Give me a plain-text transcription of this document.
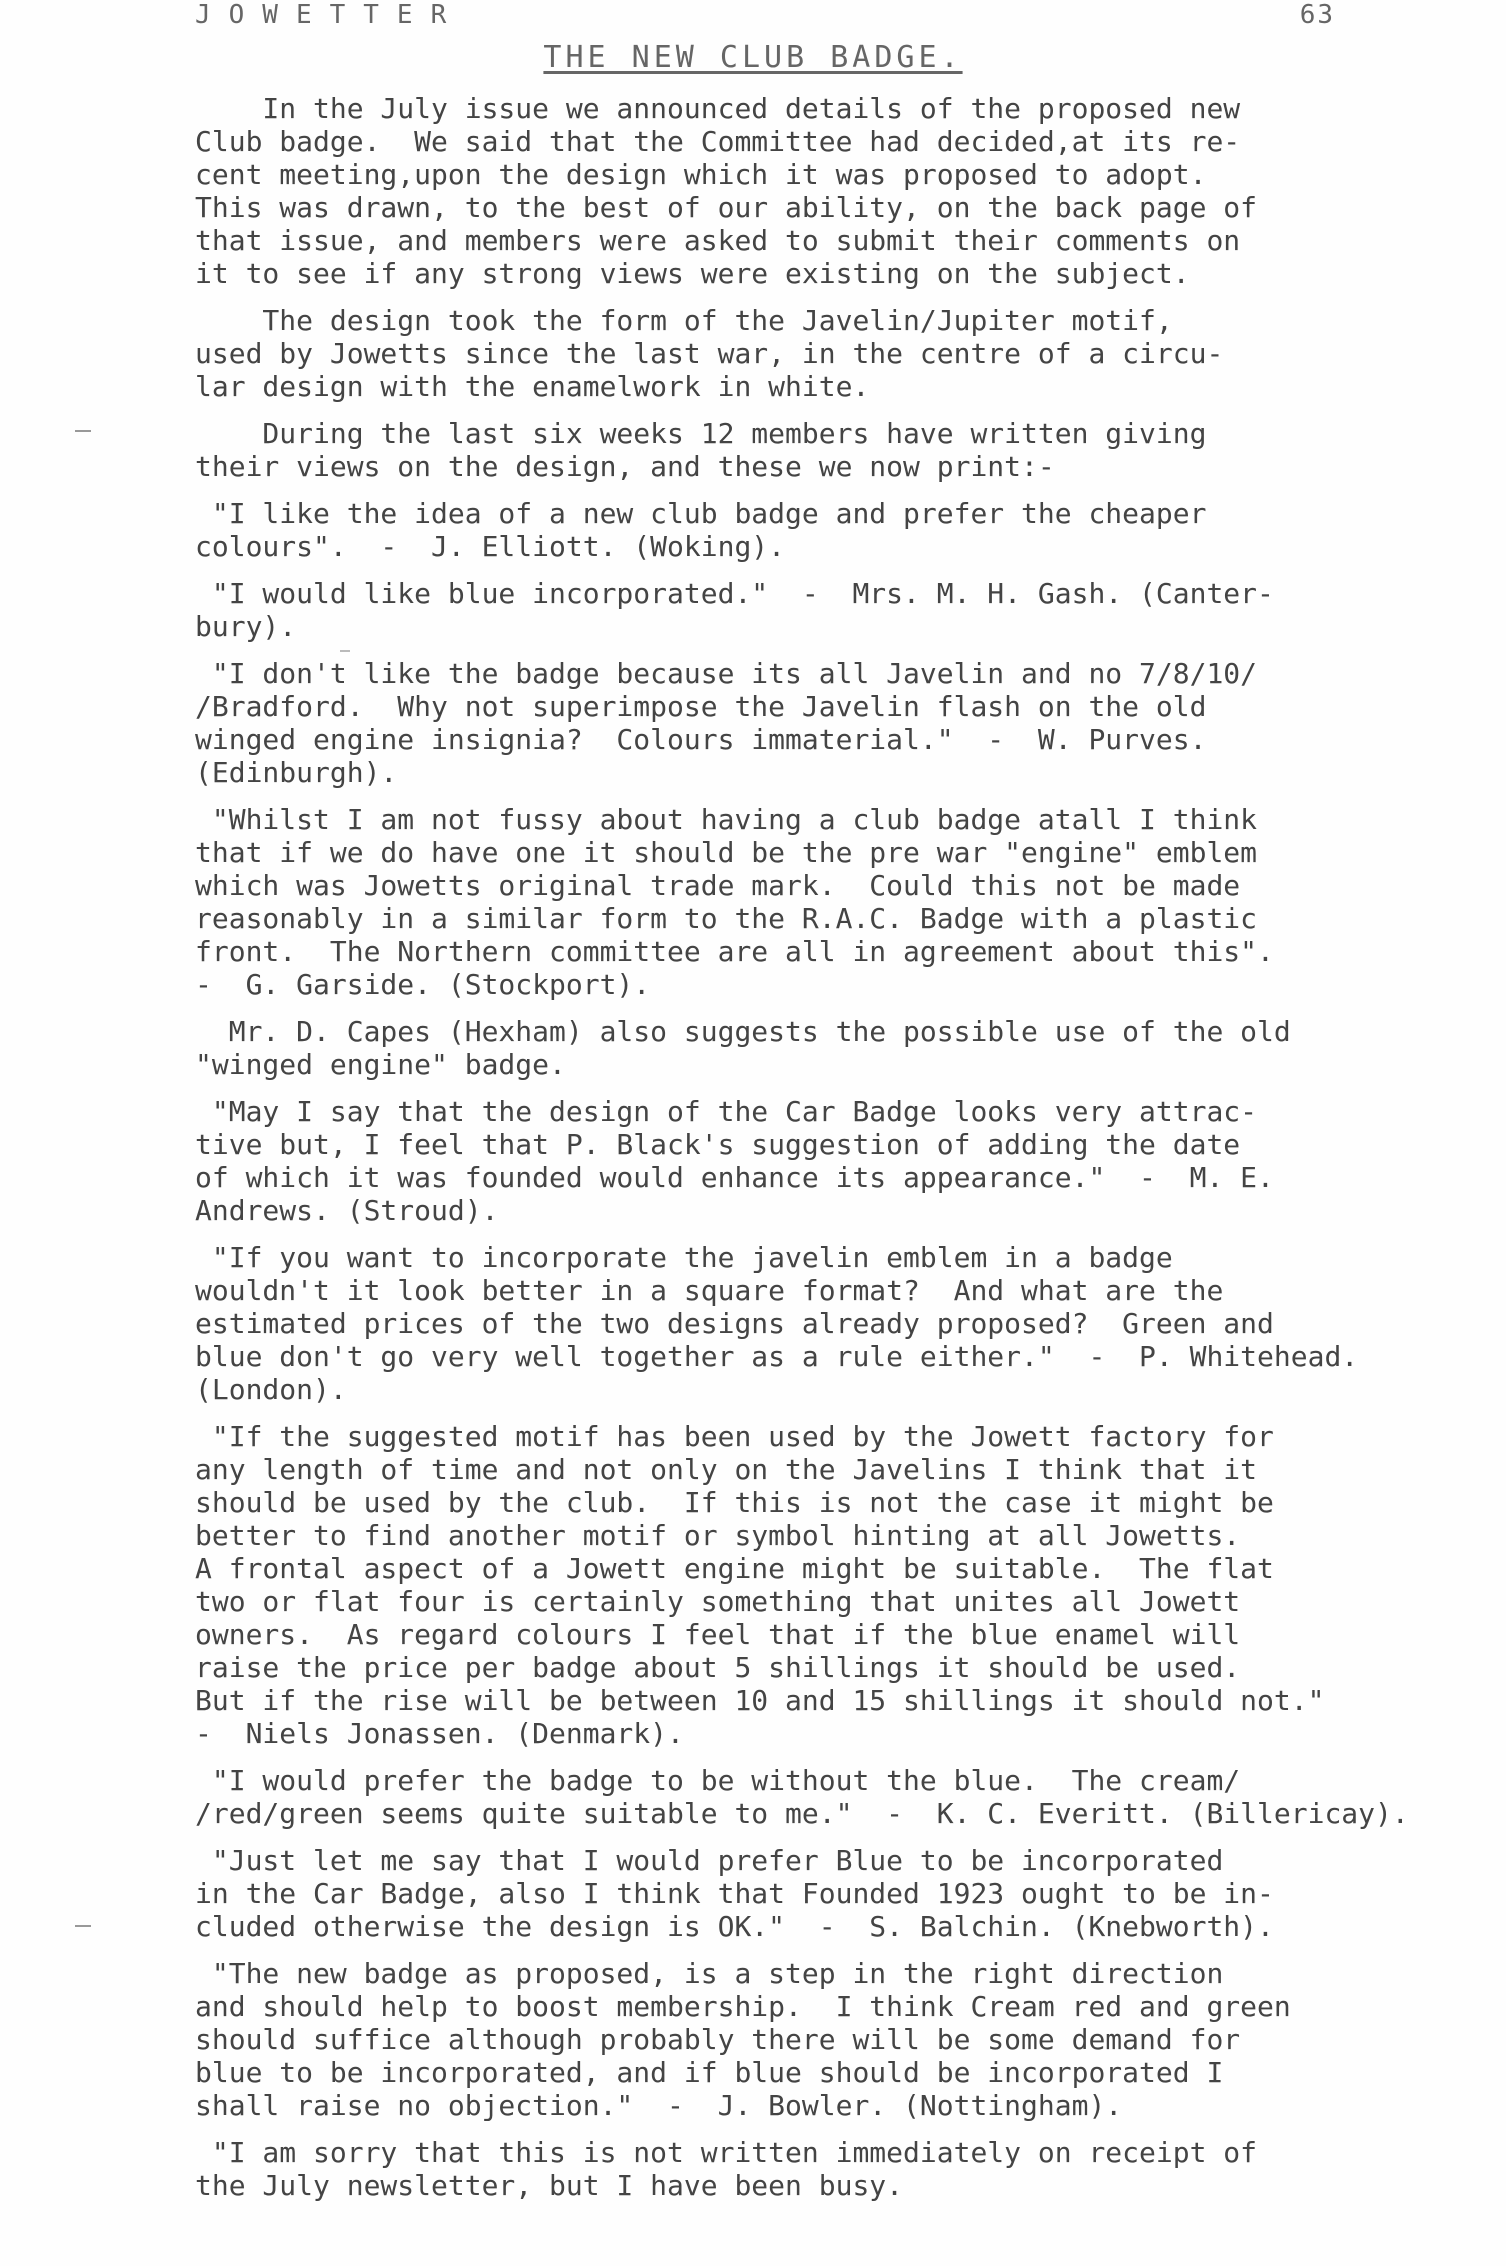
JOWETTER	63
THE NEW CLUB BADGE.
In the July issue we announced details of the proposed new
Club badge.  We said that the Committee had decided,at its re-
cent meeting,upon the design which it was proposed to adopt.
This was drawn, to the best of our ability, on the back page of
that issue, and members were asked to submit their comments on
it to see if any strong views were existing on the subject.
The design took the form of the Javelin/Jupiter motif,
used by Jowetts since the last war, in the centre of a circu-
lar design with the enamelwork in white.
During the last six weeks 12 members have written giving
their views on the design, and these we now print:-
"I like the idea of a new club badge and prefer the cheaper
colours".  -  J. Elliott. (Woking).
"I would like blue incorporated."  -  Mrs. M. H. Gash. (Canter-
bury).
"I don't like the badge because its all Javelin and no 7/8/10/
/Bradford.  Why not superimpose the Javelin flash on the old
winged engine insignia?  Colours immaterial."  -  W. Purves.
(Edinburgh).
"Whilst I am not fussy about having a club badge atall I think
that if we do have one it should be the pre war "engine" emblem
which was Jowetts original trade mark.  Could this not be made
reasonably in a similar form to the R.A.C. Badge with a plastic
front.  The Northern committee are all in agreement about this".
-  G. Garside. (Stockport).
Mr. D. Capes (Hexham) also suggests the possible use of the old
"winged engine" badge.
"May I say that the design of the Car Badge looks very attrac-
tive but, I feel that P. Black's suggestion of adding the date
of which it was founded would enhance its appearance."  -  M. E.
Andrews. (Stroud).
"If you want to incorporate the javelin emblem in a badge
wouldn't it look better in a square format?  And what are the
estimated prices of the two designs already proposed?  Green and
blue don't go very well together as a rule either."  -  P. Whitehead.
(London).
"If the suggested motif has been used by the Jowett factory for
any length of time and not only on the Javelins I think that it
should be used by the club.  If this is not the case it might be
better to find another motif or symbol hinting at all Jowetts.
A frontal aspect of a Jowett engine might be suitable.  The flat
two or flat four is certainly something that unites all Jowett
owners.  As regard colours I feel that if the blue enamel will
raise the price per badge about 5 shillings it should be used.
But if the rise will be between 10 and 15 shillings it should not."
-  Niels Jonassen. (Denmark).
"I would prefer the badge to be without the blue.  The cream/
/red/green seems quite suitable to me."  -  K. C. Everitt. (Billericay).
"Just let me say that I would prefer Blue to be incorporated
in the Car Badge, also I think that Founded 1923 ought to be in-
cluded otherwise the design is OK."  -  S. Balchin. (Knebworth).
"The new badge as proposed, is a step in the right direction
and should help to boost membership.  I think Cream red and green
should suffice although probably there will be some demand for
blue to be incorporated, and if blue should be incorporated I
shall raise no objection."  -  J. Bowler. (Nottingham).
"I am sorry that this is not written immediately on receipt of
the July newsletter, but I have been busy.
